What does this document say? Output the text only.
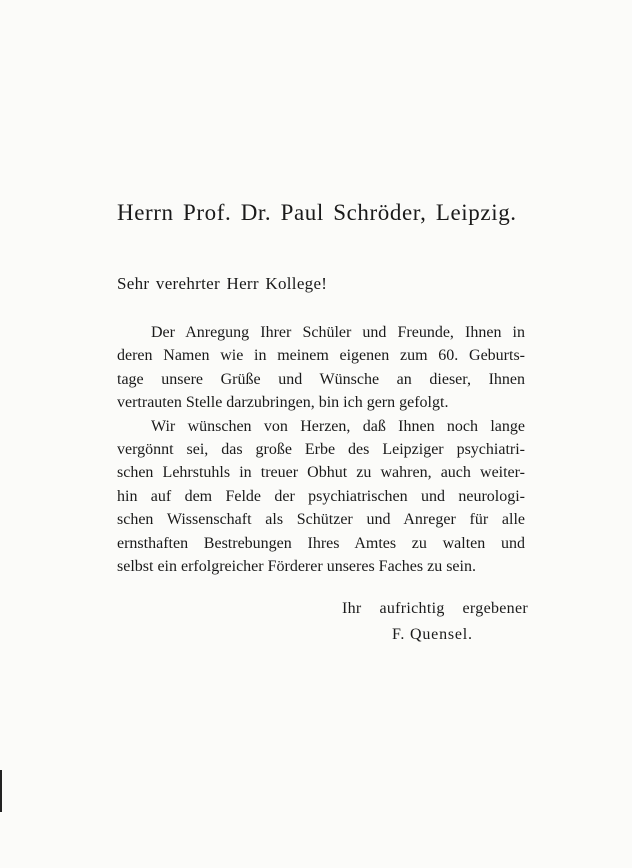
Herrn Prof. Dr. Paul Schröder, Leipzig.

Sehr verehrter Herr Kollege!

Der Anregung Ihrer Schüler und Freunde, Ihnen in
deren Namen wie in meinem eigenen zum 60. Geburts-
tage unsere Grüße und Wünsche an dieser, Ihnen
vertrauten Stelle darzubringen, bin ich gern gefolgt.
Wir wünschen von Herzen, daß Ihnen noch lange
vergönnt sei, das große Erbe des Leipziger psychiatri-
schen Lehrstuhls in treuer Obhut zu wahren, auch weiter-
hin auf dem Felde der psychiatrischen und neurologi-
schen Wissenschaft als Schützer und Anreger für alle
ernsthaften Bestrebungen Ihres Amtes zu walten und
selbst ein erfolgreicher Förderer unseres Faches zu sein.
Ihr aufrichtig ergebener
F. Quensel.
